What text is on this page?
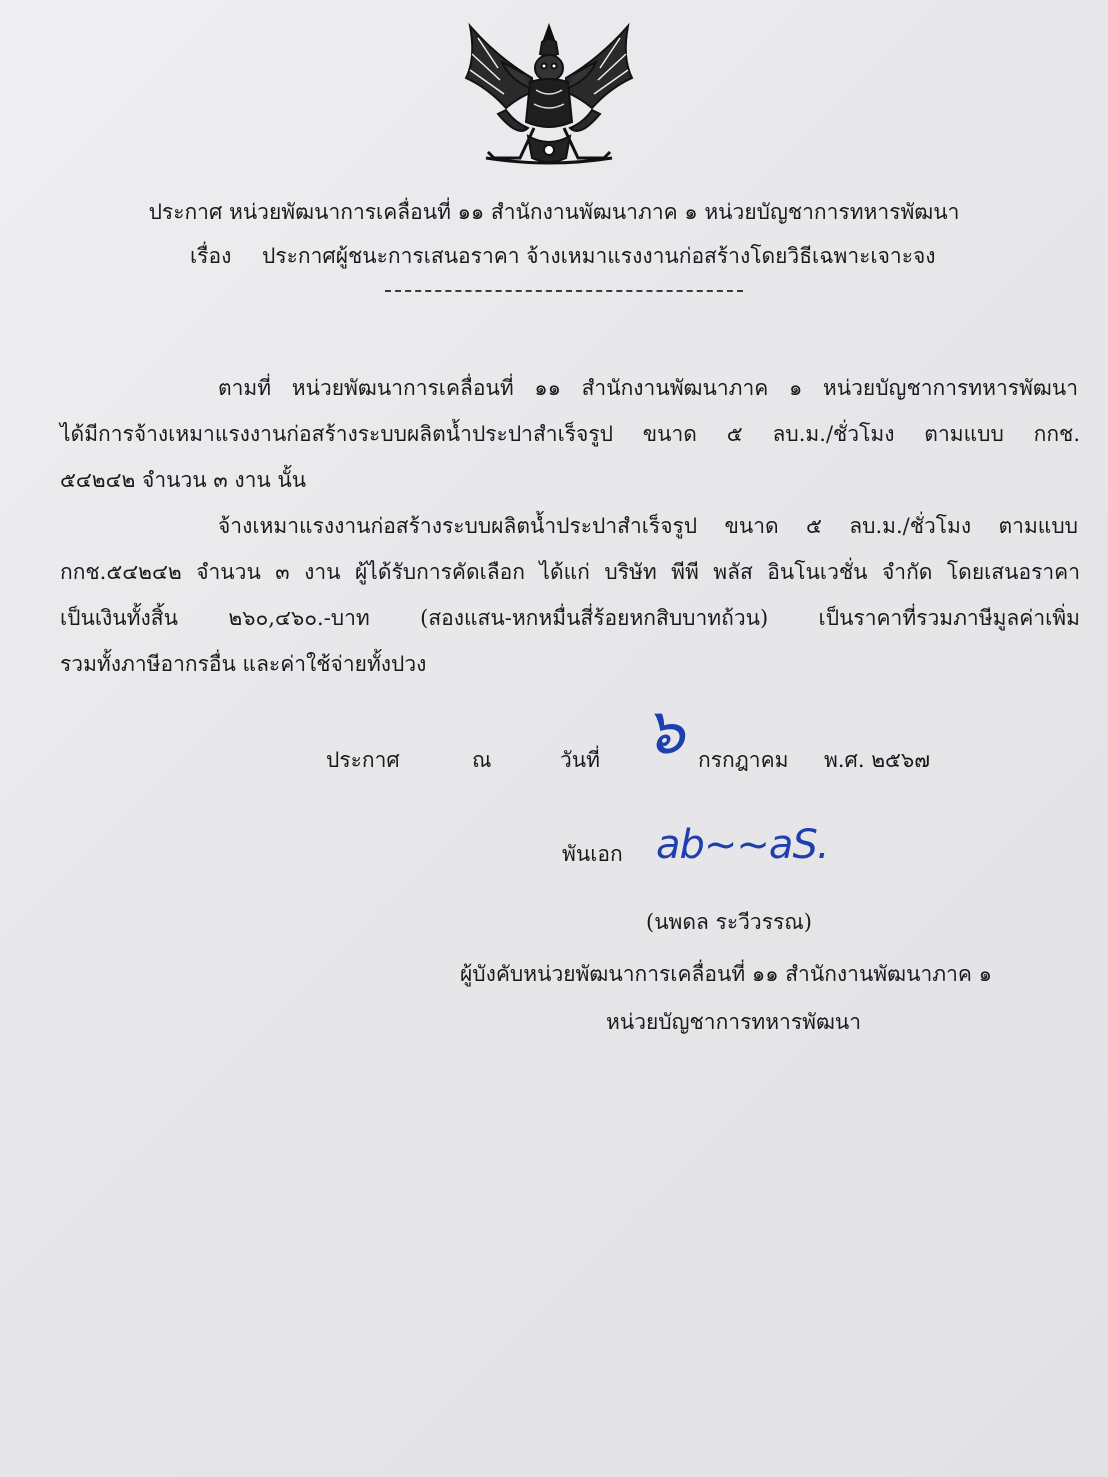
ประกาศ หน่วยพัฒนาการเคลื่อนที่ ๑๑ สำนักงานพัฒนาภาค ๑ หน่วยบัญชาการทหารพัฒนา
เรื่อง ประกาศผู้ชนะการเสนอราคา จ้างเหมาแรงงานก่อสร้างโดยวิธีเฉพาะเจาะจง
ตามที่ หน่วยพัฒนาการเคลื่อนที่ ๑๑ สำนักงานพัฒนาภาค ๑ หน่วยบัญชาการทหารพัฒนา
ได้มีการจ้างเหมาแรงงานก่อสร้างระบบผลิตน้ำประปาสำเร็จรูป ขนาด ๕ ลบ.ม./ชั่วโมง ตามแบบ กกช.
๕๔๒๔๒ จำนวน ๓ งาน นั้น
จ้างเหมาแรงงานก่อสร้างระบบผลิตน้ำประปาสำเร็จรูป ขนาด ๕ ลบ.ม./ชั่วโมง ตามแบบ
กกช.๕๔๒๔๒ จำนวน ๓ งาน ผู้ได้รับการคัดเลือก ได้แก่ บริษัท พีพี พลัส อินโนเวชั่น จำกัด โดยเสนอราคา
เป็นเงินทั้งสิ้น ๒๖๐,๔๖๐.-บาท (สองแสน-หกหมื่นสี่ร้อยหกสิบบาทถ้วน) เป็นราคาที่รวมภาษีมูลค่าเพิ่ม
รวมทั้งภาษีอากรอื่น และค่าใช้จ่ายทั้งปวง
ประกาศ	ณ	วันที่ ๖ กรกฎาคม พ.ศ. ๒๕๖๗
พันเอก ab~~aS.
(นพดล ระวีวรรณ)
ผู้บังคับหน่วยพัฒนาการเคลื่อนที่ ๑๑ สำนักงานพัฒนาภาค ๑
หน่วยบัญชาการทหารพัฒนา
